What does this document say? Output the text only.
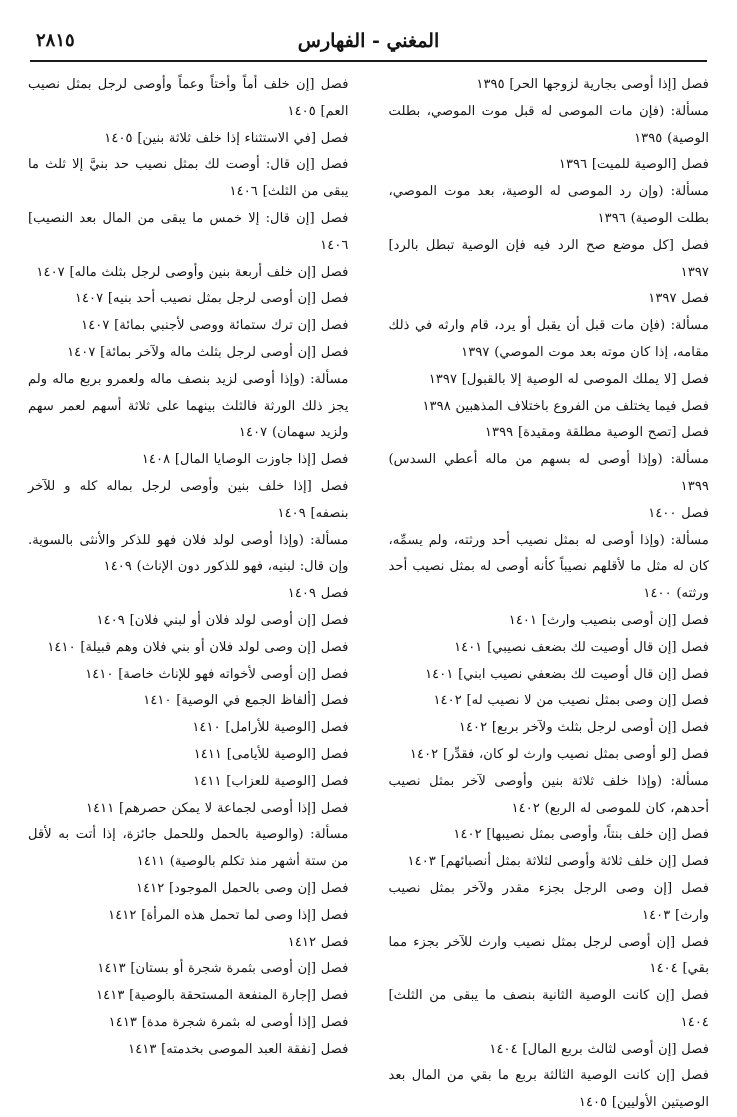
المغني - الفهارس
٢٨١٥
فصل [إذا أوصى بجارية لزوجها الحر] ١٣٩٥
مسألة: (فإن مات الموصى له قبل موت الموصي، بطلت الوصية) ١٣٩٥
فصل [الوصية للميت] ١٣٩٦
مسألة: (وإن رد الموصى له الوصية، بعد موت الموصي، بطلت الوصية) ١٣٩٦
فصل [كل موضع صح الرد فيه فإن الوصية تبطل بالرد] ١٣٩٧
فصل ١٣٩٧
مسألة: (فإن مات قبل أن يقبل أو يرد، قام وارثه في ذلك مقامه، إذا كان موته بعد موت الموصي) ١٣٩٧
فصل [لا يملك الموصى له الوصية إلا بالقبول] ١٣٩٧
فصل فيما يختلف من الفروع باختلاف المذهبين ١٣٩٨
فصل [تصح الوصية مطلقة ومقيدة] ١٣٩٩
مسألة: (وإذا أوصى له بسهم من ماله أعطي السدس) ١٣٩٩
فصل ١٤٠٠
مسألة: (وإذا أوصى له بمثل نصيب أحد ورثته، ولم يسمِّه، كان له مثل ما لأقلهم نصيباً كأنه أوصى له بمثل نصيب أحد ورثته) ١٤٠٠
فصل [إن أوصى بنصيب وارث] ١٤٠١
فصل [إن قال أوصيت لك بضعف نصيبي] ١٤٠١
فصل [إن قال أوصيت لك بضعفي نصيب ابني] ١٤٠١
فصل [إن وصى بمثل نصيب من لا نصيب له] ١٤٠٢
فصل [إن أوصى لرجل بثلث ولآخر بربع] ١٤٠٢
فصل [لو أوصى بمثل نصيب وارث لو كان، فقدِّر] ١٤٠٢
مسألة: (وإذا خلف ثلاثة بنين وأوصى لآخر بمثل نصيب أحدهم، كان للموصى له الربع) ١٤٠٢
فصل [إن خلف بنتاً، وأوصى بمثل نصيبها] ١٤٠٢
فصل [إن خلف ثلاثة وأوصى لثلاثة بمثل أنصبائهم] ١٤٠٣
فصل [إن وصى الرجل بجزء مقدر ولآخر بمثل نصيب وارث] ١٤٠٣
فصل [إن أوصى لرجل بمثل نصيب وارث للآخر بجزء مما بقي] ١٤٠٤
فصل [إن كانت الوصية الثانية بنصف ما يبقى من الثلث] ١٤٠٤
فصل [إن أوصى لثالث بربع المال] ١٤٠٤
فصل [إن كانت الوصية الثالثة بربع ما بقي من المال بعد الوصيتين الأوليين] ١٤٠٥
فصل [إن خلف أماً وأختاً وعماً وأوصى لرجل بمثل نصيب العم] ١٤٠٥
فصل [في الاستثناء إذا خلف ثلاثة بنين] ١٤٠٥
فصل [إن قال: أوصت لك بمثل نصيب حد بنيَّ إلا ثلث ما يبقى من الثلث] ١٤٠٦
فصل [إن قال: إلا خمس ما يبقى من المال بعد النصيب] ١٤٠٦
فصل [إن خلف أربعة بنين وأوصى لرجل بثلث ماله] ١٤٠٧
فصل [إن أوصى لرجل بمثل نصيب أحد بنيه] ١٤٠٧
فصل [إن ترك ستمائة ووصى لأجنبي بمائة] ١٤٠٧
فصل [إن أوصى لرجل بثلث ماله ولآخر بمائة] ١٤٠٧
مسألة: (وإذا أوصى لزيد بنصف ماله ولعمرو بربع ماله ولم يجز ذلك الورثة فالثلث بينهما على ثلاثة أسهم لعمر سهم ولزيد سهمان) ١٤٠٧
فصل [إذا جاوزت الوصايا المال] ١٤٠٨
فصل [إذا خلف بنين وأوصى لرجل بماله كله و للآخر بنصفه] ١٤٠٩
مسألة: (وإذا أوصى لولد فلان فهو للذكر والأنثى بالسوية. وإن قال: لبنيه، فهو للذكور دون الإناث) ١٤٠٩
فصل ١٤٠٩
فصل [إن أوصى لولد فلان أو لبني فلان] ١٤٠٩
فصل [إن وصى لولد فلان أو بني فلان وهم قبيلة] ١٤١٠
فصل [إن أوصى لأخواته فهو للإناث خاصة] ١٤١٠
فصل [ألفاظ الجمع في الوصية] ١٤١٠
فصل [الوصية للأرامل] ١٤١٠
فصل [الوصية للأيامى] ١٤١١
فصل [الوصية للعزاب] ١٤١١
فصل [إذا أوصى لجماعة لا يمكن حصرهم] ١٤١١
مسألة: (والوصية بالحمل وللحمل جائزة، إذا أتت به لأقل من ستة أشهر منذ تكلم بالوصية) ١٤١١
فصل [إن وصى بالحمل الموجود] ١٤١٢
فصل [إذا وصى لما تحمل هذه المرأة] ١٤١٢
فصل ١٤١٢
فصل [إن أوصى بثمرة شجرة أو بستان] ١٤١٣
فصل [إجارة المنفعة المستحقة بالوصية] ١٤١٣
فصل [إذا أوصى له بثمرة شجرة مدة] ١٤١٣
فصل [نفقة العبد الموصى بخدمته] ١٤١٣
